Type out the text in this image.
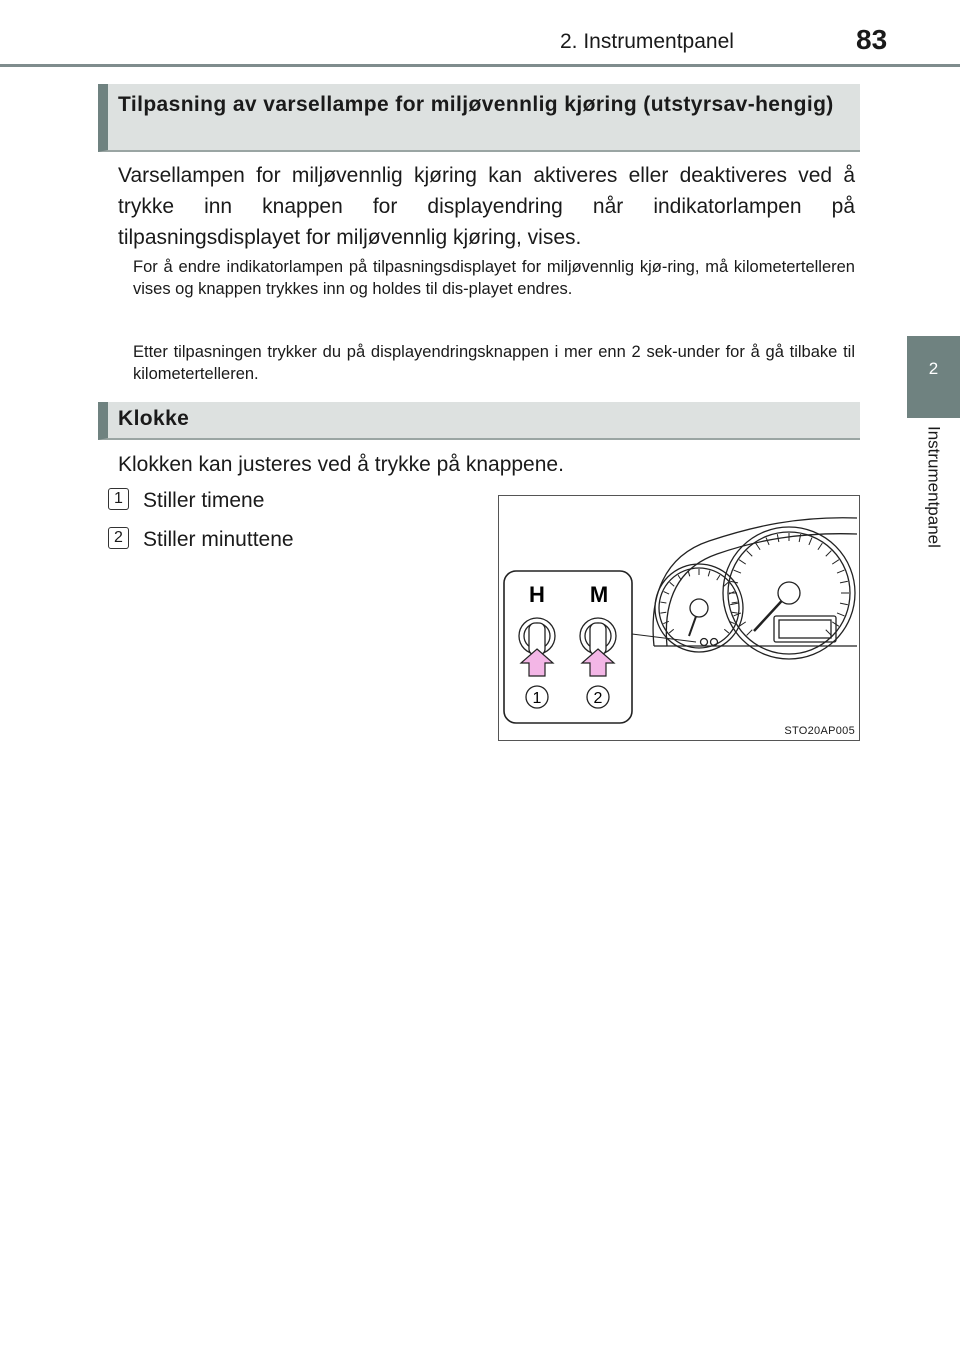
2. Instrumentpanel	83
2
Instrumentpanel
Tilpasning av varsellampe for miljøvennlig kjøring (utstyrsav-hengig)

Varsellampen for miljøvennlig kjøring kan aktiveres eller deaktiveres ved å trykke inn knappen for displayendring når indikatorlampen på tilpasningsdisplayet for miljøvennlig kjøring, vises.

For å endre indikatorlampen på tilpasningsdisplayet for miljøvennlig kjø-ring, må kilometertelleren vises og knappen trykkes inn og holdes til dis-playet endres.

Etter tilpasningen trykker du på displayendringsknappen i mer enn 2 sek-under for å gå tilbake til kilometertelleren.

Klokke

Klokken kan justeres ved å trykke på knappene.

1 Stiller timene
2 Stiller minuttene
H M
1	2
STO20AP005
